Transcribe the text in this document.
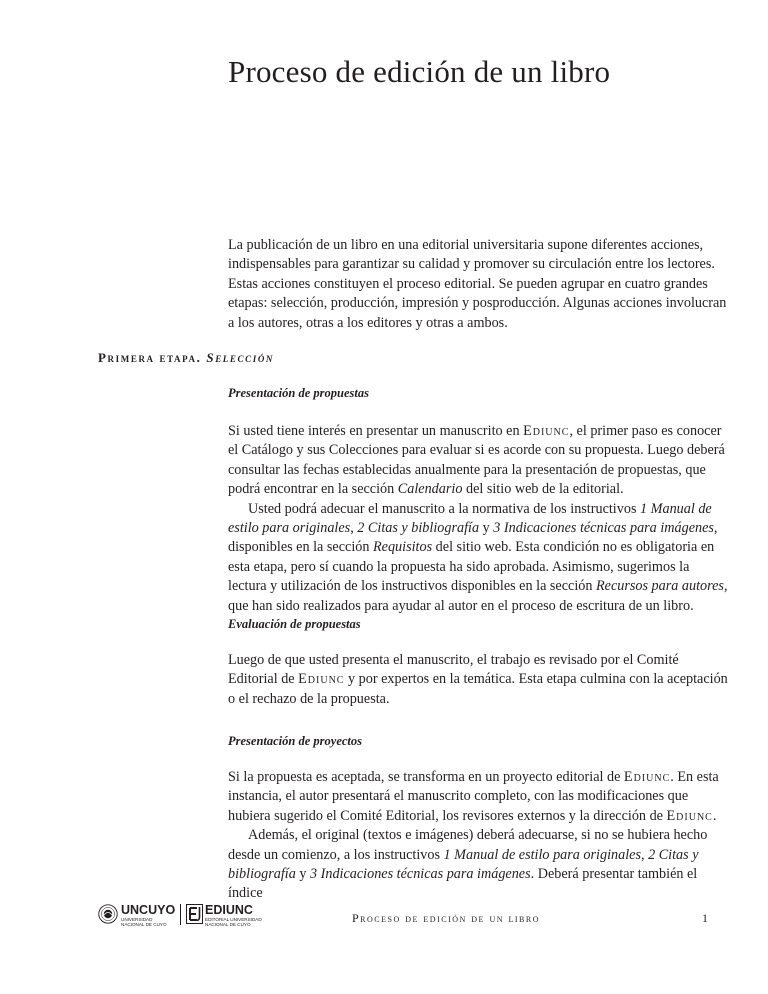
Proceso de edición de un libro

La publicación de un libro en una editorial universitaria supone diferentes acciones, indispensables para garantizar su calidad y promover su circulación entre los lectores. Estas acciones constituyen el proceso editorial. Se pueden agrupar en cuatro grandes etapas: selección, producción, impresión y posproducción. Algunas acciones involucran a los autores, otras a los editores y otras a ambos.

Primera etapa. Selección
Presentación de propuestas

Si usted tiene interés en presentar un manuscrito en Ediunc, el primer paso es conocer el Catálogo y sus Colecciones para evaluar si es acorde con su propuesta. Luego deberá consultar las fechas establecidas anualmente para la presentación de propuestas, que podrá encontrar en la sección Calendario del sitio web de la editorial.

Usted podrá adecuar el manuscrito a la normativa de los instructivos 1 Manual de estilo para originales, 2 Citas y bibliografía y 3 Indicaciones técnicas para imágenes, disponibles en la sección Requisitos del sitio web. Esta condición no es obligatoria en esta etapa, pero sí cuando la propuesta ha sido aprobada. Asimismo, sugerimos la lectura y utilización de los instructivos disponibles en la sección Recursos para autores, que han sido realizados para ayudar al autor en el proceso de escritura de un libro.

Evaluación de propuestas

Luego de que usted presenta el manuscrito, el trabajo es revisado por el Comité Editorial de Ediunc y por expertos en la temática. Esta etapa culmina con la aceptación o el rechazo de la propuesta.

Presentación de proyectos

Si la propuesta es aceptada, se transforma en un proyecto editorial de Ediunc. En esta instancia, el autor presentará el manuscrito completo, con las modificaciones que hubiera sugerido el Comité Editorial, los revisores externos y la dirección de Ediunc.

Además, el original (textos e imágenes) deberá adecuarse, si no se hubiera hecho desde un comienzo, a los instructivos 1 Manual de estilo para originales, 2 Citas y bibliografía y 3 Indicaciones técnicas para imágenes. Deberá presentar también el índice

UNCUYO
UNIVERSIDAD
NACIONAL DE CUYO
EDIUNC
EDITORIAL UNIVERSIDAD
NACIONAL DE CUYO	Proceso de edición de un libro	1
